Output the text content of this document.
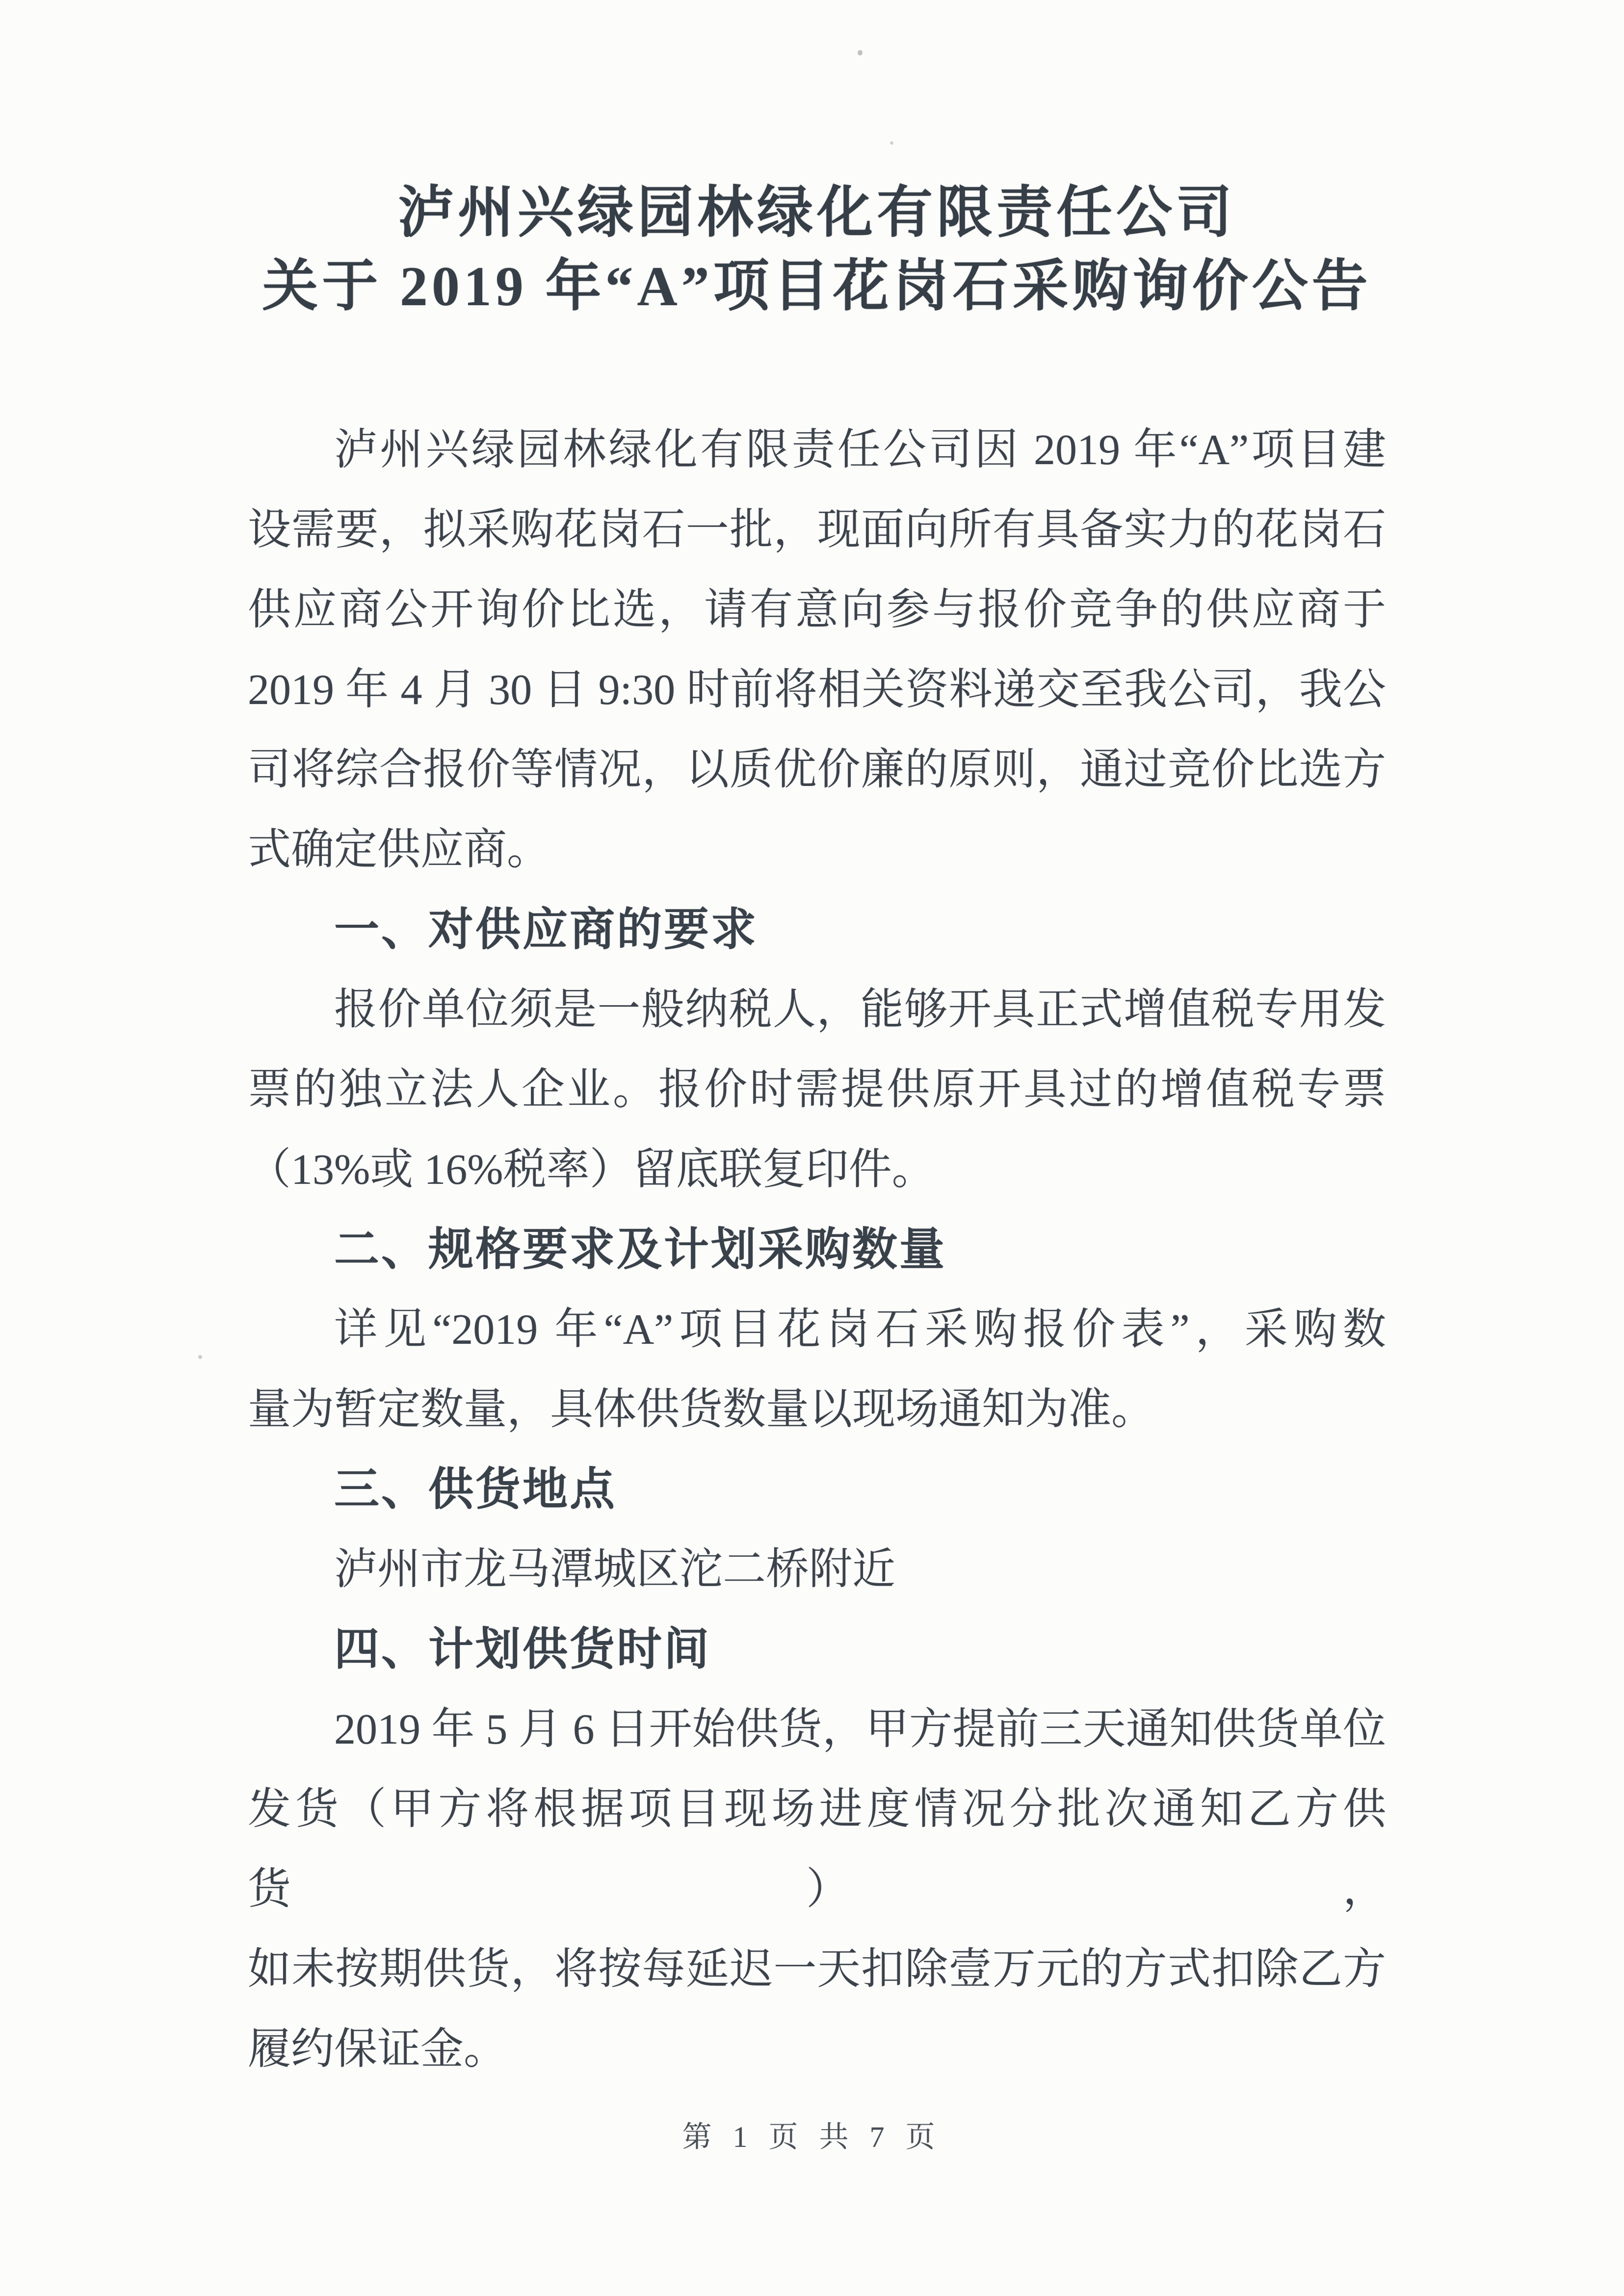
泸州兴绿园林绿化有限责任公司
关于 2019 年“A”项目花岗石采购询价公告
泸州兴绿园林绿化有限责任公司因 2019 年“A”项目建
设需要，拟采购花岗石一批，现面向所有具备实力的花岗石
供应商公开询价比选，请有意向参与报价竞争的供应商于
2019 年 4 月 30 日 9:30 时前将相关资料递交至我公司，我公
司将综合报价等情况，以质优价廉的原则，通过竞价比选方
式确定供应商。
一、对供应商的要求
报价单位须是一般纳税人，能够开具正式增值税专用发
票的独立法人企业。报价时需提供原开具过的增值税专票
（13%或 16%税率）留底联复印件。
二、规格要求及计划采购数量
详见“2019 年“A”项目花岗石采购报价表”，采购数
量为暂定数量，具体供货数量以现场通知为准。
三、供货地点
泸州市龙马潭城区沱二桥附近
四、计划供货时间
2019 年 5 月 6 日开始供货，甲方提前三天通知供货单位
发货（甲方将根据项目现场进度情况分批次通知乙方供货），
如未按期供货，将按每延迟一天扣除壹万元的方式扣除乙方
履约保证金。
第 1 页 共 7 页
